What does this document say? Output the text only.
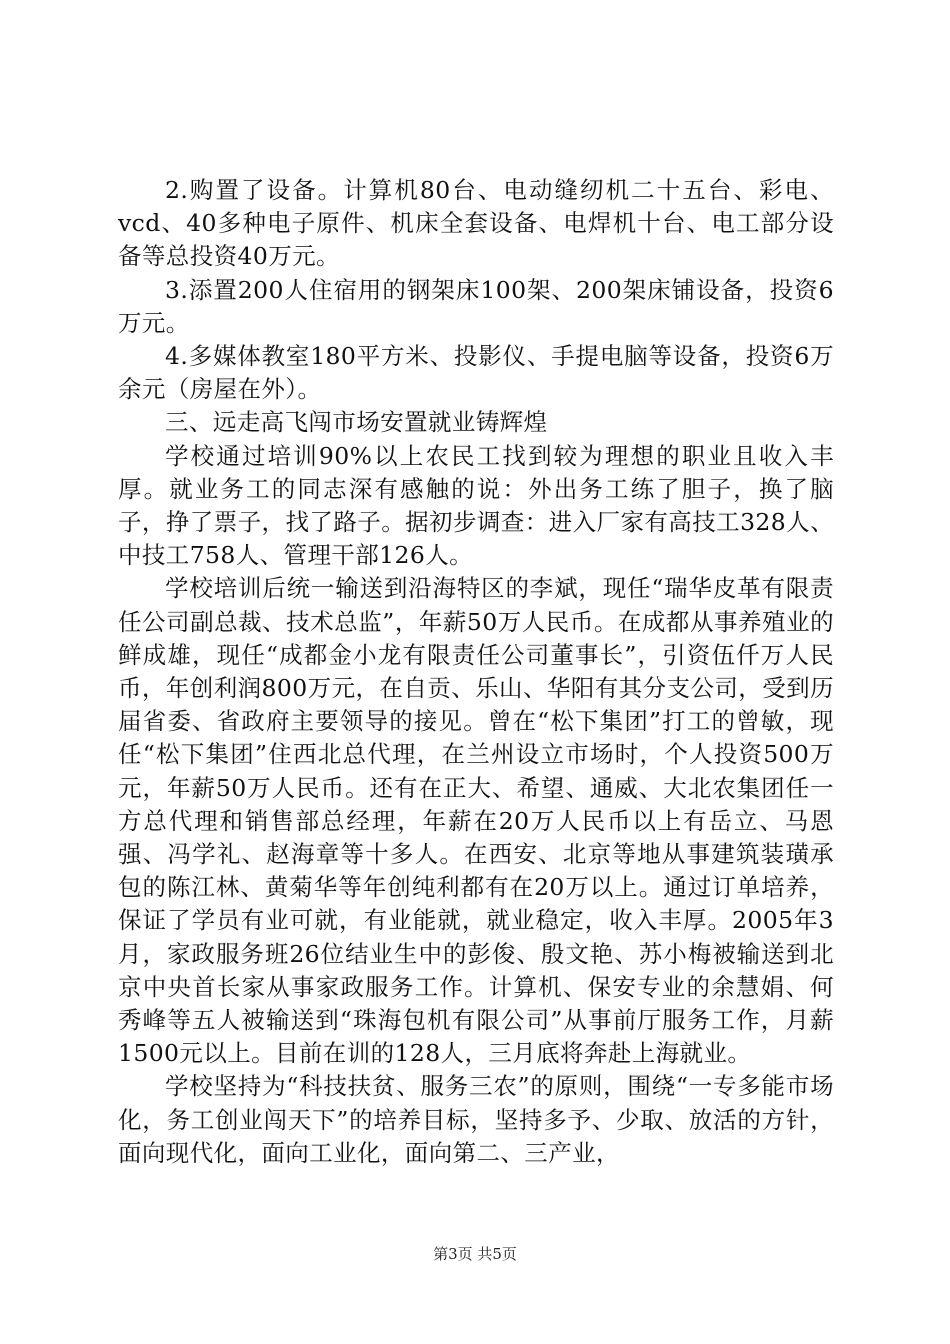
2.购置了设备。计算机80台、电动缝纫机二十五台、彩电、vcd、40多种电子原件、机床全套设备、电焊机十台、电工部分设备等总投资40万元。

3.添置200人住宿用的钢架床100架、200架床铺设备，投资6万元。

4.多媒体教室180平方米、投影仪、手提电脑等设备，投资6万余元（房屋在外）。

三、远走高飞闯市场安置就业铸辉煌

学校通过培训90%以上农民工找到较为理想的职业且收入丰厚。就业务工的同志深有感触的说：外出务工练了胆子，换了脑子，挣了票子，找了路子。据初步调查：进入厂家有高技工328人、中技工758人、管理干部126人。

学校培训后统一输送到沿海特区的李斌，现任“瑞华皮革有限责任公司副总裁、技术总监”，年薪50万人民币。在成都从事养殖业的鲜成雄，现任“成都金小龙有限责任公司董事长”，引资伍仟万人民币，年创利润800万元，在自贡、乐山、华阳有其分支公司，受到历届省委、省政府主要领导的接见。曾在“松下集团”打工的曾敏，现任“松下集团”住西北总代理，在兰州设立市场时，个人投资500万元，年薪50万人民币。还有在正大、希望、通威、大北农集团任一方总代理和销售部总经理，年薪在20万人民币以上有岳立、马恩强、冯学礼、赵海章等十多人。在西安、北京等地从事建筑装璜承包的陈江林、黄菊华等年创纯利都有在20万以上。通过订单培养，保证了学员有业可就，有业能就，就业稳定，收入丰厚。2005年3月，家政服务班26位结业生中的彭俊、殷文艳、苏小梅被输送到北京中央首长家从事家政服务工作。计算机、保安专业的余慧娟、何秀峰等五人被输送到“珠海包机有限公司”从事前厅服务工作，月薪1500元以上。目前在训的128人，三月底将奔赴上海就业。

学校坚持为“科技扶贫、服务三农”的原则，围绕“一专多能市场化，务工创业闯天下”的培养目标，坚持多予、少取、放活的方针，面向现代化，面向工业化，面向第二、三产业，

第3页 共5页
